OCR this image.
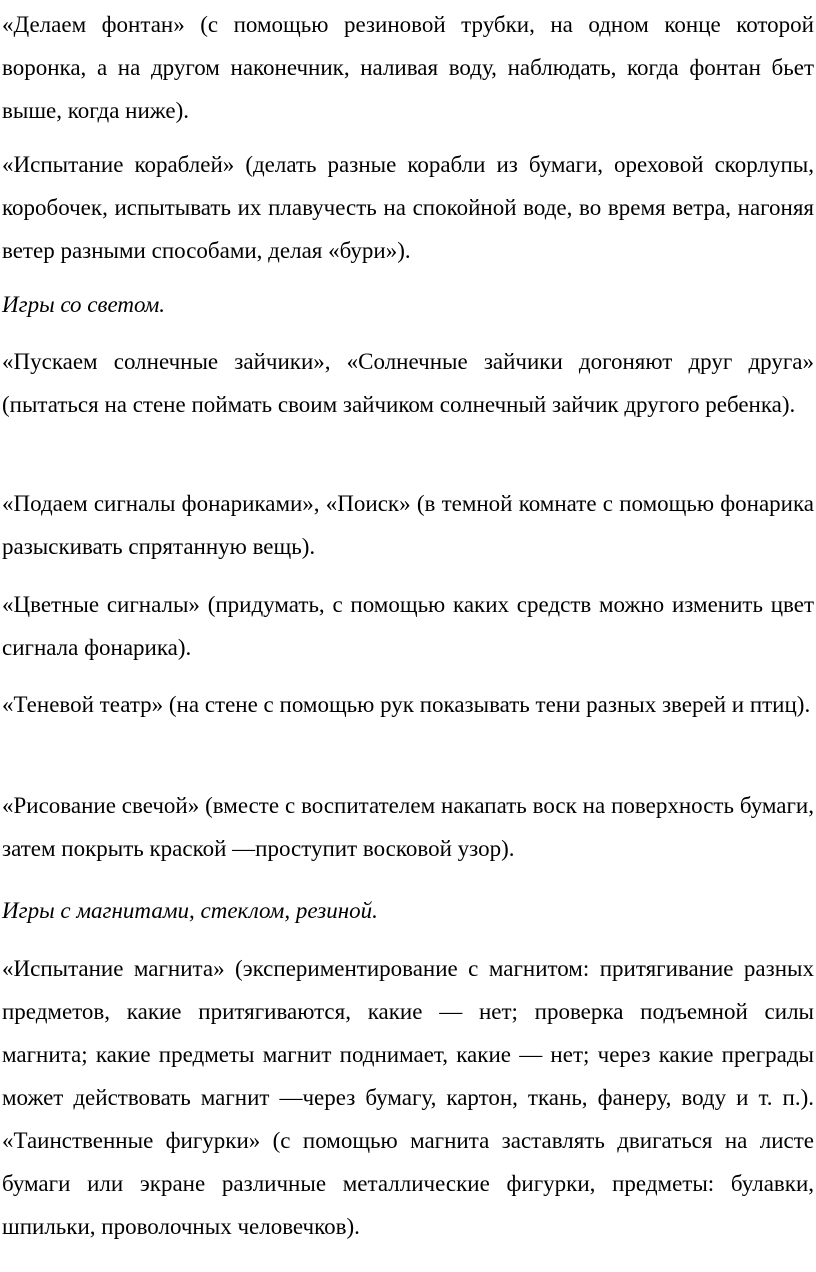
«Делаем фонтан» (с помощью резиновой трубки, на одном конце которой воронка, а на другом наконечник, наливая воду, наблюдать, когда фонтан бьет выше, когда ниже).

«Испытание кораблей» (делать разные корабли из бумаги, ореховой скорлупы, коробочек, испытывать их плавучесть на спокойной воде, во время ветра, нагоняя ветер разными способами, делая «бури»).

Игры со светом.

«Пускаем солнечные зайчики», «Солнечные зайчики догоняют друг друга» (пытаться на стене поймать своим зайчиком солнечный зайчик другого ребенка).

«Подаем сигналы фонариками», «Поиск» (в темной комнате с помощью фонарика разыскивать спрятанную вещь).

«Цветные сигналы» (придумать, с помощью каких средств можно изменить цвет сигнала фонарика).

«Теневой театр» (на стене с помощью рук показывать тени разных зверей и птиц).

«Рисование свечой» (вместе с воспитателем накапать воск на поверхность бумаги, затем покрыть краской —проступит восковой узор).

Игры с магнитами, стеклом, резиной.

«Испытание магнита» (экспериментирование с магнитом: притягивание разных предметов, какие притягиваются, какие — нет; проверка подъемной силы магнита; какие предметы магнит поднимает, какие — нет; через какие преграды может действовать магнит —через бумагу, картон, ткань, фанеру, воду и т. п.). «Таинственные фигурки» (с помощью магнита заставлять двигаться на листе бумаги или экране различные металлические фигурки, предметы: булавки, шпильки, проволочных человечков).
